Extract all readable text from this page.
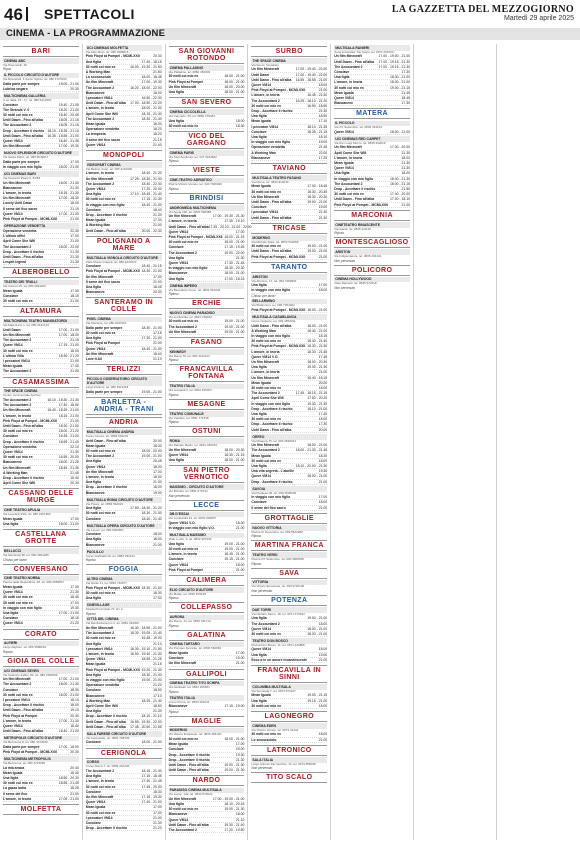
46	SPETTACOLI	LA GAZZETTA DEL MEZZOGIORNO
Martedì 29 aprile 2025
CINEMA - LA PROGRAMMAZIONE
BARI
CINEMA ABC
Via Pavoncelli, 49
Ripos
IL PICCOLO CIRCUITO D'AUTORE
Via Boccarelli, 6 Santo Spirito, tel. 080 4727030
Dalla parte per sempre	19.00 - 21.00
Lubrica ungaro	20.30
MULTICINEMA GALLERIA
C.so Italia, 15 - 17, tel. 080 5214563
Conclave	15.40 - 21.05
The Strands V. 0	18.20 - 21.00
30 notti coi mio ex	18.40 - 20.45
Until Dawn - Fino all'alba	18.05 - 21.15
The Accountant 2	18.05 - 21.15
Drop - Accettare il rischio 18.10 - 18.35 - 21.10
Until Dawn - Fino all'alba 16.35 - 18.55 - 21.00
Queer VM14	16.40 - 21.35
Un film Minecraft	17.00 - 19.30
NUOVO SPLENDOR CIRCUITO D'AUTORE
Via Santa Parisi, tel. 080 5649017
Dalla parte per sempre	17.00
In viaggio con mio figlio	18.00 - 21.00
UCI CINEMAS BARI
Via Giovanni Paolo II, 81/83
Un film Minecraft	16.00 - 21.30
Biancaneve	21.30
L'amore, in teoria	18.15 - 21.30
Un film Minecraft	17.00 - 18.30
Lovely Until Dawn	18.00
Il seme del fico sacro	21.15
Queer VM14	17.00 - 21.30
Pink Floyd at Pompei - MCMLXXII	21.00
OPERAZIONE VENDETTA
Operazione vendetta	22.30
L'ultimo uffici	17.00
April Come She Will	21.00
The Accountant 2	18.00 - 22.00
Drop - Accettare il rischio	21.30
Until Dawn - Fino all'alba	21.30
Lesprit legend	21.30
ALBEROBELLO
TEATRO DEI TRULLI
Via Cavour 25, tel. 080 4931100
Mean Iguala	17.30
Conclave	18.15
30 notti coi mio ex	21.00
ALTAMURA
MULTICINEMA TEATRO MANGIATORDI
Via Matera km 1, tel. 080 3141413
Until Dawn	17.00 - 21.00
Un film Minecraft	17.00 - 18.00
The Accountant 2	21.15
Queer VM14	17.15 - 21.00
30 notti coi mio ex	18.00
L'ultima Villa	18.30 - 21.20
I peccatori VM14	21.00
Mean Iguala	17.00
The Accountant 2	21.00
CASAMASSIMA
THE SPACE CINEMA
Centro commerciale Auchan
The Accountant 2	16.10 - 18.30 - 21.30
The Accountant 2	17.40 - 18.50
Un film Minecraft	16.40 - 18.25 - 21.00
L'amore, in teoria	18.15 - 21.00
Pink Floyd at Pompei - MCMLXXII	21.00
Until Dawn - Fino all'alba	18.30 - 21.50
30 notti coi mio ex	18.00 - 21.20
Conclave	16.35 - 21.00
Drop - Accettare il rischio	16.55 - 21.40
Operazione vendetta	22.10
Queer VM14	21.30
30 notti coi mio ex	16.55 - 20.00
Biancaneve	18.00 - 21.25
Un film Minecraft	18.45 - 21.35
A Working Man	21.45
Drop - Accettare il rischio	16.40
April Come She Will	20.30
CASSANO DELLE MURGE
CINE TEATRO APULIA
Via Leopardi 93/b, tel. 080 3467383
Mean Iguala	17.00
Una figlia	18.00 - 21.00
CASTELLANA GROTTE
BELLUCCI
Via Monticelli 38, tel. 080 4961486
Chiuso per lavori
CONVERSANO
CINE TEATRO NORBA
Piazza della Repubblica, 28, tel. 080 4956847
Mean Iguala	17.30
Queer VM14	21.30
30 notti coi mio ex	18.45
30 notti coi mio ex	17.00
In viaggio con mio figlio	19.30
Una figlia	17.00 - 21.00
Conclave	18.15
Queer VM14	21.20
CORATO
ALFIERI
Largo Alighieri, tel. 080 3588264
Riposo
GIOIA DEL COLLE
UCI CINEMAS SEVEN
Via Federico Fellini, 80, tel. 080 3482059
Un film Minecraft	17.00 - 21.00
The Accountant 2	18.00 - 21.30
Conclave	18.30
30 notti coi mio ex	16.00 - 21.00
I peccatori VM14	18.10
Drop - Accettare il rischio	18.00
Until Dawn - Fino all'alba	19.10
Pink Floyd at Pompei	20.30
L'amore, in teoria	17.00 - 21.30
Queer VM14	18.40
Until Dawn - Fino all'alba	18.40 - 21.00
METROPOLIS CIRCUITO D'AUTORE
Via Bezzecca 8, tel. 080 4723030
Dalla parte per sempre	17.00 - 18.00
Pink Floyd at Pompei - MCMLXXII	20.30
MULTICINEMA METROPOLIS
Via Bezzecca, tel. 080 4723030
La mia amica	20.40
Mean Iguala	18.30
Una figlia	18.50 - 20.30
30 notti coi mio ex	18.55 - 21.45
La gazza ladra	18.25
Il seme del fico	21.00
L'amore, in teoria	17.05 - 21.00
MOLFETTA
UCI CINEMAS MOLFETTA
Via Aldo Moro, tel. 080 3386816
Pink Floyd at Pompei - MCMLXXII	20.30
Una figlia	17.40 - 18.15
30 notti coi mio ex	16.00 - 19.30 - 21.50
A Working Man	21.50
Lo sconosciuto	18.00 - 18.45
Un film Minecraft	17.00 - 19.30
The Accountant 2	16.20 - 18.00 - 22.00
Biancaneve	18.00
I peccatori VM14	16.50 - 22.30
Until Dawn - Fino all'alba 17.00 - 18.50 - 22.20
L'amore, in teoria	18.00 - 21.00
April Come She Will	18.15 - 21.30
The Accountant 2	18.30 - 21.40
Mean Iguala	16.00
Operazione vendetta	18.20
La tempesta	18.20
Il seme del fico sacro	21.15
Queer VM14	21.40
MONOPOLI
VIDEOPART CINEMA
Via Bettino Craxi, tel. 080 4131900
L'amore, in teoria	18.40 - 21.20
Un film Minecraft	17.25 - 18.30 - 21.00
The Accountant 2	18.40 - 22.30
Queer VM14	17.20 - 20.00
Una figlia	17.10 - 18.45 - 21.40
30 notti coi mio ex	17.15 - 21.30
In viaggio con mio figlio	18.40 - 21.00
Conclave	18.40
Drop - Accettare il rischio	21.30
Mean Iguala	17.30
A Working Man	21.00
Until Dawn - Fino all'alba	20.00 - 22.30
POLIGNANO A MARE
MULTISALA VIGNOLA CIRCUITO D'AUTORE
Viale Monte Grappa, tel. 080 4240373
Conclave	18.40 - 21.15
Pink Floyd at Pompei - MCMLXXII 18.30 - 21.00
Un film Minecraft	17.00
Il seme del fico sacro	21.00
Una figlia	18.45
Biancaneve	20.30
SANTERAMO IN COLLE
PIXEL CINEMA
Via Stazione, tel. 080 3037021
Dalla parte per sempre	18.30 - 21.00
30 notti coi mio ex	17.15
Una figlia	17.30 - 21.00
Pink Floyd at Pompei	21.00
Queer VM14	18.40 - 21.00
Un film Minecraft	18.40
Love It All	21.10
TERLIZZI
PICCOLO OSSERVATORIO CIRCUITO D'AUTORE
Largo Fantoni, tel. 080 3513218
Dalla parte per sempre	19.00 - 21.00
BARLETTA - ANDRIA - TRANI
ANDRIA
MULTISALA CINEMA ANDRIA
Corso Cavour, tel. 0883 591231
Until Dawn - Fino all'alba	20.00
Mean Iguala	18.00
30 notti coi mio ex	18.00 - 20.00
The Accountant 2	19.00 - 21.00
Una figlia	20.45
Queer VM14	18.30
Un film Minecraft	17.00
L'amore, in teoria	18.00
Una figlia	21.30
Drop - Accettare il rischio	18.00
Biancaneve	19.00
MULTISALA ROMA CIRCUITO D'AUTORE
Via Pisani, tel. 0883 542023
Una figlia	17.50 - 18.40 - 21.20
30 notti coi mio ex	18.30 - 21.00
Conclave	18.40 - 21.40
MULTISALA OPERA CIRCUITO D'AUTORE
Via Lenoci, tel. 080 9090551
Conclave	18.00
Una figlia	18.00
Biancaneve	21.00
PAOLILLO
Corso Garibaldi 29, tel. 0883 332123
Riposo
FOGGIA
ALTRO CINEMA
Via Dante 11, tel. 0881 730977
Pink Floyd at Pompei - MCMLXXII 18.30 - 21.00
30 notti coi mio ex	18.30
Una figlia	17.00
CINEVILLAGE
Strada Provinciale 73, km 2
Riposo
CITTÀ DEL CINEMA
Via Manfredonia km 2, tel. 0881 330000
Un film Minecraft	16.30 - 18.55 - 21.00
The Accountant 2	18.30 - 19.05 - 21.40
30 notti coi mio ex	16.45 - 19.00
Una figlia	21.10
I peccatori VM14	18.30 - 19.10 - 21.50
L'amore, in teoria	16.50 - 19.40 - 21.30
Queer VM14	18.55 - 21.25
Mean Iguala	21.15
Pink Floyd at Pompei - MCMLXXII 19.20 - 21.30
Una figlia	18.30 - 21.00
In viaggio con mio figlio	19.00 - 21.00
Operazione vendetta	21.20
Conclave	18.50
Biancaneve	17.10
A Working Man	18.25 - 21.40
April Come She Will	18.50
Una figlia	21.30
Drop - Accettare il rischio	18.10 - 21.10
Until Dawn - Fino all'alba 16.55 - 19.30 - 22.00
Until Dawn - Fino all'alba 17.45 - 20.50 - 21.55
SALA FARESE CIRCUITO D'AUTORE
Via Campanile, tel. 0881 708109
Conclave	18.00 - 21.00
CERIGNOLA
CORSO
Corso Roma 7, tel. 0885 410246
The Accountant 2	18.15 - 21.40
Una figlia	17.15 - 18.45
L'amore, in teoria	17.40 - 21.45
30 notti coi mio ex	17.45 - 20.00
Conclave	18.30
Un film Minecraft	17.15 - 19.30
Queer VM14	17.40 - 21.00
Mean Iguala	17.00
30 notti coi mio ex	17.00
I peccatori VM14	21.00
Conclave	21.30
Drop - Accettare il rischio	21.20
SAN GIOVANNI ROTONDO
CINEMA PALLADINO
Via Palladino, tel. 0882 452003
30 notti coi mio ex	18.00 - 21.00
Pink Floyd at Pompei	18.00 - 21.00
Un film Minecraft	18.00 - 20.00
Una figlia	18.00 - 21.00
SAN SEVERO
CINEMA CICCOLELLA
Via Cannetto, 59, tel. 0882 375484
Una figlia	18.00
30 notti coi mio ex	18.30
VICO DEL GARGANO
CINEMA PARIS
Via Sant'Apollonia, tel. 347 9344502
Riposo
VIESTE
CINE-TEATRO ADRIATICO
Piazza Vittorio Veneto, tel. 340 7936490
Riposo
BRINDISI
ANDROMEDA MULTICINEMA
Via Appia 248, tel. 0831 590988
Un film Minecraft	17.00 - 19.30 - 21.30
L'amore, in teoria	17.30 - 19.10
Until Dawn - Fino all'alba 17.45 - 20.20 - 21.00 - 22.00
Queer VM14	17.00
Pink Floyd at Pompei - MCMLXXII 18.00 - 21.15
30 notti coi mio ex	18.00 - 21.00
Conclave	17.15 - 19.45
The Accountant 2	19.00 - 22.00
Una figlia	21.30
Queer VM14	17.30 - 21.45
In viaggio con mio figlio	18.30 - 20.30
Biancaneve	18.00 - 21.00
Una figlia	17.00 - 18.15
CINEMA IMPERO
Via Benedetto Croce, tel. 0831 561646
Riposo
ERCHIE
NUOVO CINEMA PARADISO
Via Lombardia, tel. 0831 769042
30 notti coi mio ex	19.00 - 21.00
The Accountant 2	19.00 - 21.00
Un film Minecraft	19.00 - 21.00
FASANO
KENNEDY
Via Roma 70, tel. 080 4412113
Riposo
FRANCAVILLA FONTANA
TEATRO ITALIA
Via Leopardi 2, tel. 0831 815307
Riposo
MESAGNE
TEATRO COMUNALE
Via Castello, tel. 0831 771818
Riposo
OSTUNI
ROMA
Via Daniele Manin, tel. 0831 336443
Un film Minecraft	18.00 - 20.30
Queer VM14	18.30 - 21.15
Una figlia	18.00 - 21.00
SAN PIETRO VERNOTICO
MASSIMO - CIRCUITO D'AUTORE
Via Brindisi, tel. 0831 671544
Non pervenuto
LECCE
DB D'ESSAI
Via Lombardia 14, tel. 0832 306807
Queer VM14 V.O.	18.30
In viaggio con mio figlio V.O.	21.00
MULTISALA MASSIMO
Viale Lo Re, 3, tel. 0832 307433
Una figlia	19.00 - 21.00
30 notti coi mio ex	19.00 - 21.00
L'amore, in teoria	18.45 - 21.00
Conclave	19.15 - 21.00
Queer VM14	18.00
Pink Floyd at Pompei	21.00
CALIMERA
ELIO CIRCUITO D'AUTORE
Via Mattei, tel. 0832 875128
Riposo
COLLEPASSO
AURORA
Via Roma, 14, tel. 0836 341714
Riposo
GALATINA
CINEMA TARTARO
Via Pompeo Ferrante, tel. 0836 566663
Mean Iguala	17.00
Conclave	19.00
Un film Minecraft	21.00
GALLIPOLI
CINEMA TEATRO TITO SCHIPA
Via Garibaldi, tel. 0833 266661
Riposo
TEATRO ITALIA
Corso Roma, tel. 0833 261041
Biancaneve	17.15 - 19.00
Riposo
MAGLIE
MODERNO
Via Vittorio Emanuele, tel. 0836 484120
30 notti coi mio ex	18.00 - 21.00
Mean Iguala	17.00
Conclave	19.00
Drop - Accettare il rischio	19.30
Drop - Accettare il rischio	21.30
Until Dawn - Fino all'alba	19.00 - 21.30
Until Dawn - Fino all'alba	19.00 - 21.30
NARDÒ
PARADISO CINEMA MULTISALA
Via Lecce, 142, tel. 0833 572622
Un film Minecraft	17.00 - 19.00 - 21.00
Una figlia	18.10 - 20.15
30 notti coi mio ex	19.00 - 21.30
Biancaneve	18.00
Queer VM14	21.10
Until Dawn - Fino all'alba	19.30 - 21.40
The Accountant 2	17.20 - 19.50
SURBO
THE SPACE CINEMA
Via Rocco Scotellaro
Un film Minecraft	17.00 - 19.40 - 22.00
Until Dawn	17.00 - 19.40 - 22.00
Until Dawn - Fino all'alba 16.55 - 18.55 - 21.00
Queer VM14	18.00
Pink Floyd at Pompei - MCMLXXII	21.00
L'amore, in teoria	16.45 - 21.40
The Accountant 2	16.25 - 18.10 - 21.20
30 notti coi mio ex	16.50 - 18.50
Drop - Accettare il rischio	21.30
Una figlia	18.50
Mean Iguala	17.10
I peccatori VM14	18.10 - 21.35
Conclave	18.35 - 21.15
Una figlia	18.10
In viaggio con mio figlio	19.00
Operazione vendetta	21.45
A Working Man	22.00
Biancaneve	17.25
TAVIANO
MULTISALA TEATRO FASANO
Via Roma, tel. 0833 912040
Mean Iguala	17.00 - 18.45
30 notti coi mio ex	18.30 - 20.45
Un film Minecraft	18.30 - 20.30
Until Dawn - Fino all'alba	19.00 - 21.00
Conclave	19.00
I peccatori VM14	21.30
Until Dawn - Fino all'alba	21.30
TRICASE
MODERNO
Via Michele Stasi, tel. 0833 544668
30 notti coi mio ex	19.00 - 21.00
Until Dawn - Fino all'alba	19.00 - 21.00
Pink Floyd at Pompei - MCMLXXII	21.00
TARANTO
ARISTON
Via Abruzzo, 17, tel. 099 7399904
Una figlia	17.00
In viaggio con mio figlio	18.00
Chiuso per lavori
BELLARMINO
Via Bellarmino, tel. 099 7354303
Pink Floyd at Pompei - MCMLXXII 18.00 - 21.00
MULTISALA CASABLANCA
Corso Umberto, tel. 099 4550011
Until Dawn - Fino all'alba	18.00 - 21.00
A Working Man	18.40 - 21.00
In viaggio con mio figlio	18.15
30 notti coi mio ex	18.40 - 21.40
Pink Floyd at Pompei - MCMLXXII 18.30 - 21.30
L'amore, in teoria	18.30 - 21.45
Queer VM14 V.O.	17.45
Un film Minecraft	18.00 - 20.30
Una figlia	19.30 - 21.30
L'amore, in teoria	21.00
Un film Minecraft	15.40 - 18.15
Mean Iguala	20.00
30 notti coi mio ex	18.00
The Accountant 2	17.45 - 18.15 - 21.15
April Come She Will	17.50 - 20.20
In viaggio con mio figlio	19.30 - 21.30
Drop - Accettare il rischio	18.10 - 21.00
Una figlia	17.45
30 notti coi mio ex	18.00
Drop - Accettare il rischio	17.30
Until Dawn - Fino all'alba	20.00
ORFEO
Via Pitagora 75, tel. 099 4538344
Un film Minecraft	18.00 - 21.00
The Accountant 2	18.00 - 21.30 - 21.45
Mean Iguala	18.30
30 notti coi mio ex	18.00
Una figlia	18.10 - 20.00 - 21.30
Una vita segreta - L'abeille	19.30
Queer VM14	18.00 - 21.00
Drop - Accettare il rischio	21.00
SAVOIA
Via Pugliese 30, tel. 099 4538302
In viaggio con mio figlio	17.00
Conclave	18.00
Il seme del fico sacro	21.00
GROTTAGLIE
NUOVO VITTORIA
Piazza IV Novembre, tel. 099 5622280
Riposo
MARTINA FRANCA
TEATRO VERDI
Piazza XX Settembre, tel. 080 4805595
Riposo
SAVA
VITTORIA
Via Vittorio Emanuele, tel. 099 9726136
Non pervenuto
POTENZA
DUE TORRI
Via Nazario Sauro, 18, tel. 0971 470494
Una figlia	19.00 - 21.00
The Accountant 2	18.00
Queer VM14	18.00 - 21.00
30 notti coi mio ex	18.30 - 21.00
TEATRO DON BOSCO
Piazza Don Bosco, 11, tel. 0971 444856
Queer VM14	18.00
Una figlia	19.00
Ecco a te un amore incandescente	21.00
FRANCAVILLA IN SINNI
COLUMBIA MULTISALA
Via Sonnegla 7, tel. 0973 574447
Mean Iguala	19.00 - 21.15
Una figlia	19.15 - 21.00
30 notti coi mio ex	18.00
LAGONEGRO
CINEMA EDEN
Via Vittorio Veneto, tel. 0973 41432
30 notti coi mio ex	18.00
Lo sconosciuto	21.00
LATRONICO
SALA ITALIA
Largo Antonio Del Vecchio, 14, tel. 0973 859028
Non pervenuto
TITO SCALO
MULTISALA RANIERI
Zona industriale Tito Scalo, tel. 0971 651600
Un film Minecraft	17.00 - 19.00 - 21.00
Until Dawn - Fino all'alba 17.00 - 19.15 - 21.30
The Accountant 2	17.00 - 19.15 - 21.30
Conclave	17.30
Una figlia	18.30 - 21.00
L'amore, in teoria	18.00 - 21.00
30 notti coi mio ex	19.00 - 21.15
Mean Iguala	21.45
Queer VM14	18.45
Biancaneve	17.30
MATERA
IL PICCOLO
Via XX Settembre, tel. 0835 334213
Queer VM14	18.00 - 21.00
UCI CINEMAS RED CARPET
Via Don Luigi Sturzo, tel. 0835 262018
Un film Minecraft	17.00 - 20.00
April Come She Will	21.30
L'amore, in teoria	18.00
Mean Iguala	21.30
Queer VM14	21.30
Una figlia	18.00
In viaggio con mio figlio	18.40 - 21.30
The Accountant 2	18.00 - 21.15
Drop - Accettare il rischio	21.50
30 notti coi mio ex	17.40 - 20.00
Until Dawn - Fino all'alba	17.00 - 18.10
Pink Floyd at Pompei - MCMLXXII	21.00
MARCONIA
CINETEATRO RINASCENTE
Via Gaeta, tel. 0835 411119
Riposo
MONTESCAGLIOSO
ARISTON
Via Indipendenza, tel. 0835 203131
Non pervenuto
POLICORO
CINEMA HOLLYWOOD
Viale Rigopoli, tel. 0835 972218
Non pervenuto
